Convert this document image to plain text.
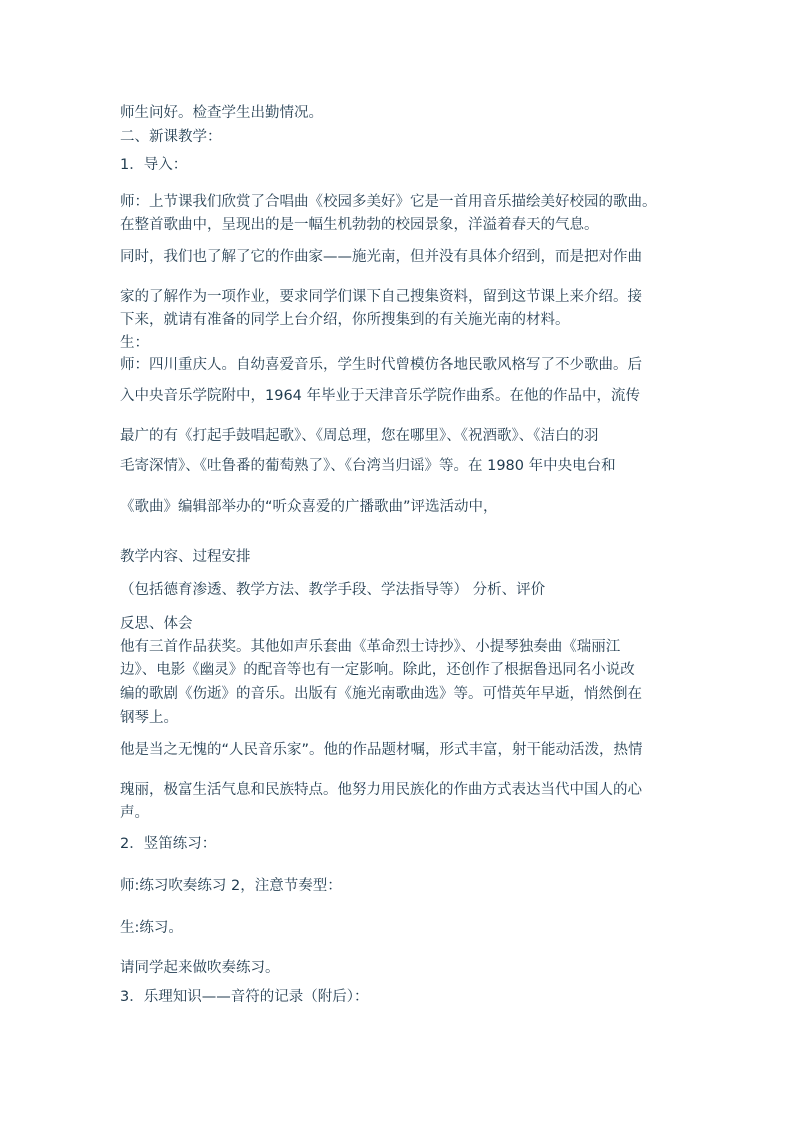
师生问好。检查学生出勤情况。
二、新课教学：
1．导入：
师：上节课我们欣赏了合唱曲《校园多美好》它是一首用音乐描绘美好校园的歌曲。
在整首歌曲中，呈现出的是一幅生机勃勃的校园景象，洋溢着春天的气息。
同时，我们也了解了它的作曲家——施光南，但并没有具体介绍到，而是把对作曲
家的了解作为一项作业，要求同学们课下自己搜集资料，留到这节课上来介绍。接
下来，就请有准备的同学上台介绍，你所搜集到的有关施光南的材料。
生：
师：四川重庆人。自幼喜爱音乐，学生时代曾模仿各地民歌风格写了不少歌曲。后
入中央音乐学院附中，1964 年毕业于天津音乐学院作曲系。在他的作品中，流传
最广的有《打起手鼓唱起歌》、《周总理，您在哪里》、《祝酒歌》、《洁白的羽
毛寄深情》、《吐鲁番的葡萄熟了》、《台湾当归谣》等。在 1980 年中央电台和
《歌曲》编辑部举办的“听众喜爱的广播歌曲”评选活动中，
教学内容、过程安排
（包括德育渗透、教学方法、教学手段、学法指导等） 分析、评价
反思、体会
他有三首作品获奖。其他如声乐套曲《革命烈士诗抄》、小提琴独奏曲《瑞丽江
边》、电影《幽灵》的配音等也有一定影响。除此，还创作了根据鲁迅同名小说改
编的歌剧《伤逝》的音乐。出版有《施光南歌曲选》等。可惜英年早逝，悄然倒在
钢琴上。
他是当之无愧的“人民音乐家”。他的作品题材嘱，形式丰富，射干能动活泼，热情
瑰丽，极富生活气息和民族特点。他努力用民族化的作曲方式表达当代中国人的心
声。
2．竖笛练习：
师:练习吹奏练习 2，注意节奏型：
生:练习。
请同学起来做吹奏练习。
3．乐理知识——音符的记录（附后）：
